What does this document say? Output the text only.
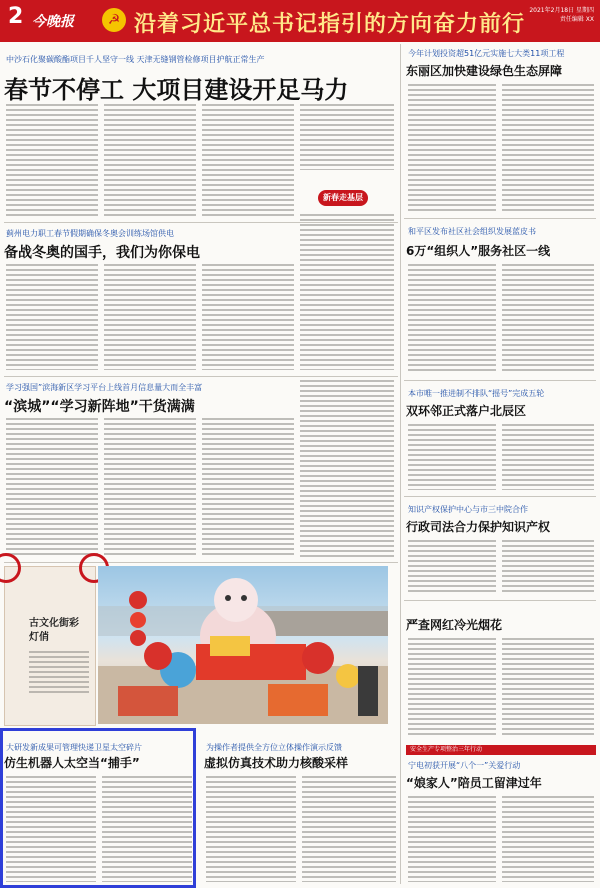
2 今晚报	☭ 沿着习近平总书记指引的方向奋力前行
2021年2月18日 星期四
责任编辑 XX
中沙石化聚碳酸酯项目千人坚守一线 天津无缝钢管检修项目护航正常生产
春节不停工 大项目建设开足马力
新春走基层
蓟州电力职工春节假期确保冬奥会训练场馆供电
备战冬奥的国手，我们为你保电
学习强国”滨海新区学习平台上线首月信息量大而全丰富
“滨城”“学习新阵地”干货满满
古文化街彩灯俏
大研发新成果可管理快递卫星太空碎片
仿生机器人太空当“捕手”
为操作者提供全方位立体操作演示反馈
虚拟仿真技术助力核酸采样
今年计划投资超51亿元实施七大类11项工程
东丽区加快建设绿色生态屏障
和平区发布社区社会组织发展蓝皮书
6万“组织人”服务社区一线
本市唯一推进制不排队“摇号”完成五轮
双环邻正式落户北辰区
知识产权保护中心与市三中院合作
行政司法合力保护知识产权
严查网红冷光烟花
安全生产专项整治三年行动
宁电初获开展“八个一”关爱行动
“娘家人”陪员工留津过年
